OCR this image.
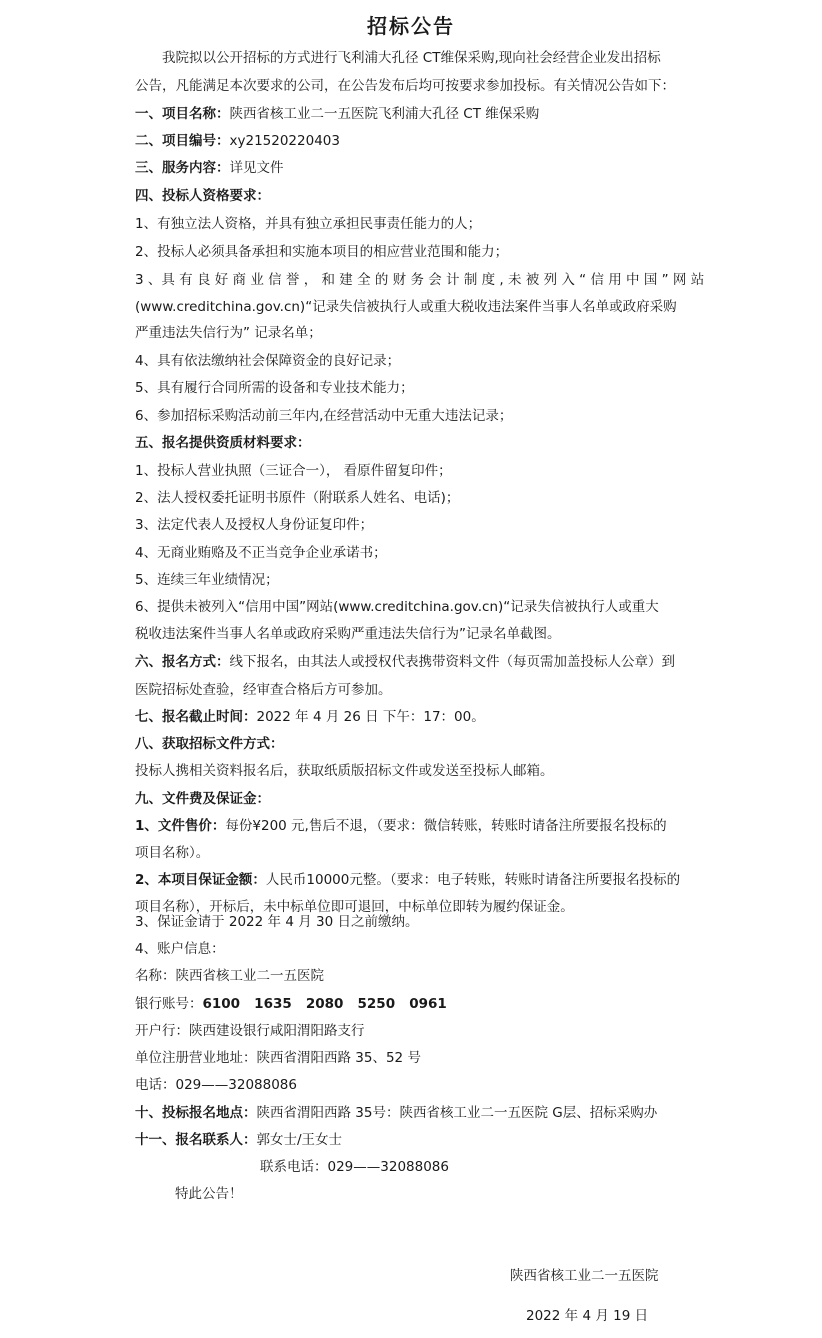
招标公告
我院拟以公开招标的方式进行飞利浦大孔径 CT维保采购,现向社会经营企业发出招标
公告，凡能满足本次要求的公司，在公告发布后均可按要求参加投标。有关情况公告如下：
一、项目名称：陕西省核工业二一五医院飞利浦大孔径 CT 维保采购
二、项目编号：xy21520220403
三、服务内容：详见文件
四、投标人资格要求：
1、有独立法人资格，并具有独立承担民事责任能力的人；
2、投标人必须具备承担和实施本项目的相应营业范围和能力；
3 、具 有 良 好 商 业 信 誉 ， 和 建 全 的 财 务 会 计 制 度 , 未 被 列 入 “ 信 用 中 国 ” 网 站
(www.creditchina.gov.cn)“记录失信被执行人或重大税收违法案件当事人名单或政府采购
严重违法失信行为” 记录名单；
4、具有依法缴纳社会保障资金的良好记录；
5、具有履行合同所需的设备和专业技术能力；
6、参加招标采购活动前三年内,在经营活动中无重大违法记录；
五、报名提供资质材料要求：
1、投标人营业执照（三证合一）， 看原件留复印件；
2、法人授权委托证明书原件（附联系人姓名、电话)；
3、法定代表人及授权人身份证复印件；
4、无商业贿赂及不正当竞争企业承诺书；
5、连续三年业绩情况；
6、提供未被列入“信用中国”网站(www.creditchina.gov.cn)“记录失信被执行人或重大
税收违法案件当事人名单或政府采购严重违法失信行为”记录名单截图。
六、报名方式：线下报名，由其法人或授权代表携带资料文件（每页需加盖投标人公章）到
医院招标处查验，经审查合格后方可参加。
七、报名截止时间：2022 年 4 月 26 日 下午：17：00。
八、获取招标文件方式：
投标人携相关资料报名后，获取纸质版招标文件或发送至投标人邮箱。
九、文件费及保证金：
1、文件售价：每份¥200 元,售后不退，（要求：微信转账，转账时请备注所要报名投标的
项目名称）。
2、本项目保证金额：人民币10000元整。（要求：电子转账，转账时请备注所要报名投标的
项目名称），开标后，未中标单位即可退回，中标单位即转为履约保证金。
3、保证金请于 2022 年 4 月 30 日之前缴纳。
4、账户信息：
名称：陕西省核工业二一五医院
银行账号：6100   1635   2080   5250   0961
开户行：陕西建设银行咸阳渭阳路支行
单位注册营业地址：陕西省渭阳西路 35、52 号
电话：029——32088086
十、投标报名地点：陕西省渭阳西路 35号：陕西省核工业二一五医院 G层、招标采购办
十一、报名联系人：郭女士/王女士
联系电话：029——32088086
特此公告！
陕西省核工业二一五医院
2022 年 4 月 19 日
